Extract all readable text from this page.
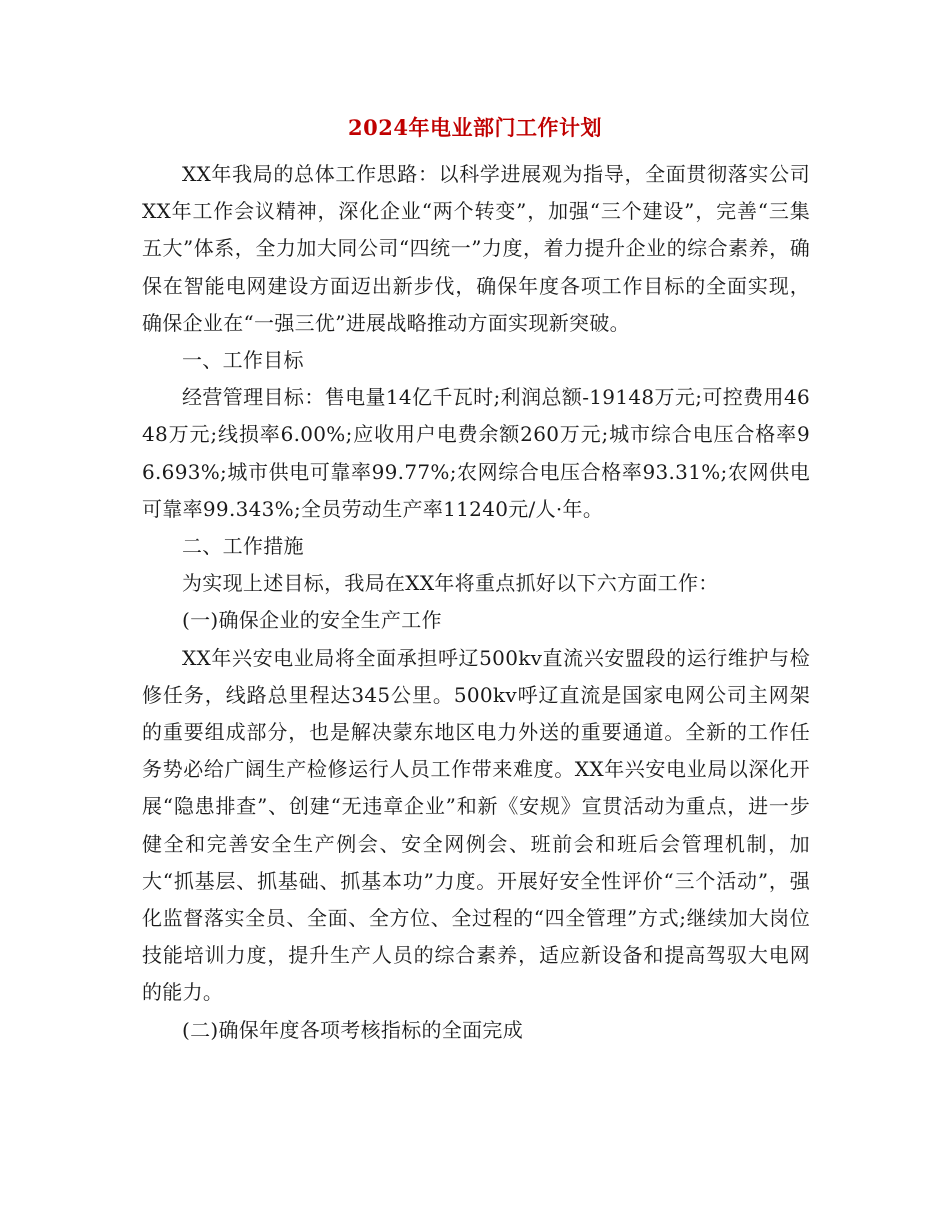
2024年电业部门工作计划

XX年我局的总体工作思路：以科学进展观为指导，全面贯彻落实公司XX年工作会议精神，深化企业“两个转变”，加强“三个建设”，完善“三集五大”体系，全力加大同公司“四统一”力度，着力提升企业的综合素养，确保在智能电网建设方面迈出新步伐，确保年度各项工作目标的全面实现，确保企业在“一强三优”进展战略推动方面实现新突破。

一、工作目标

经营管理目标：售电量14亿千瓦时;利润总额-19148万元;可控费用4648万元;线损率6.00%;应收用户电费余额260万元;城市综合电压合格率96.693%;城市供电可靠率99.77%;农网综合电压合格率93.31%;农网供电可靠率99.343%;全员劳动生产率11240元/人·年。

二、工作措施

为实现上述目标，我局在XX年将重点抓好以下六方面工作：

(一)确保企业的安全生产工作

XX年兴安电业局将全面承担呼辽500kv直流兴安盟段的运行维护与检修任务，线路总里程达345公里。500kv呼辽直流是国家电网公司主网架的重要组成部分，也是解决蒙东地区电力外送的重要通道。全新的工作任务势必给广阔生产检修运行人员工作带来难度。XX年兴安电业局以深化开展“隐患排查”、创建“无违章企业”和新《安规》宣贯活动为重点，进一步健全和完善安全生产例会、安全网例会、班前会和班后会管理机制，加大“抓基层、抓基础、抓基本功”力度。开展好安全性评价“三个活动”，强化监督落实全员、全面、全方位、全过程的“四全管理”方式;继续加大岗位技能培训力度，提升生产人员的综合素养，适应新设备和提高驾驭大电网的能力。

(二)确保年度各项考核指标的全面完成
